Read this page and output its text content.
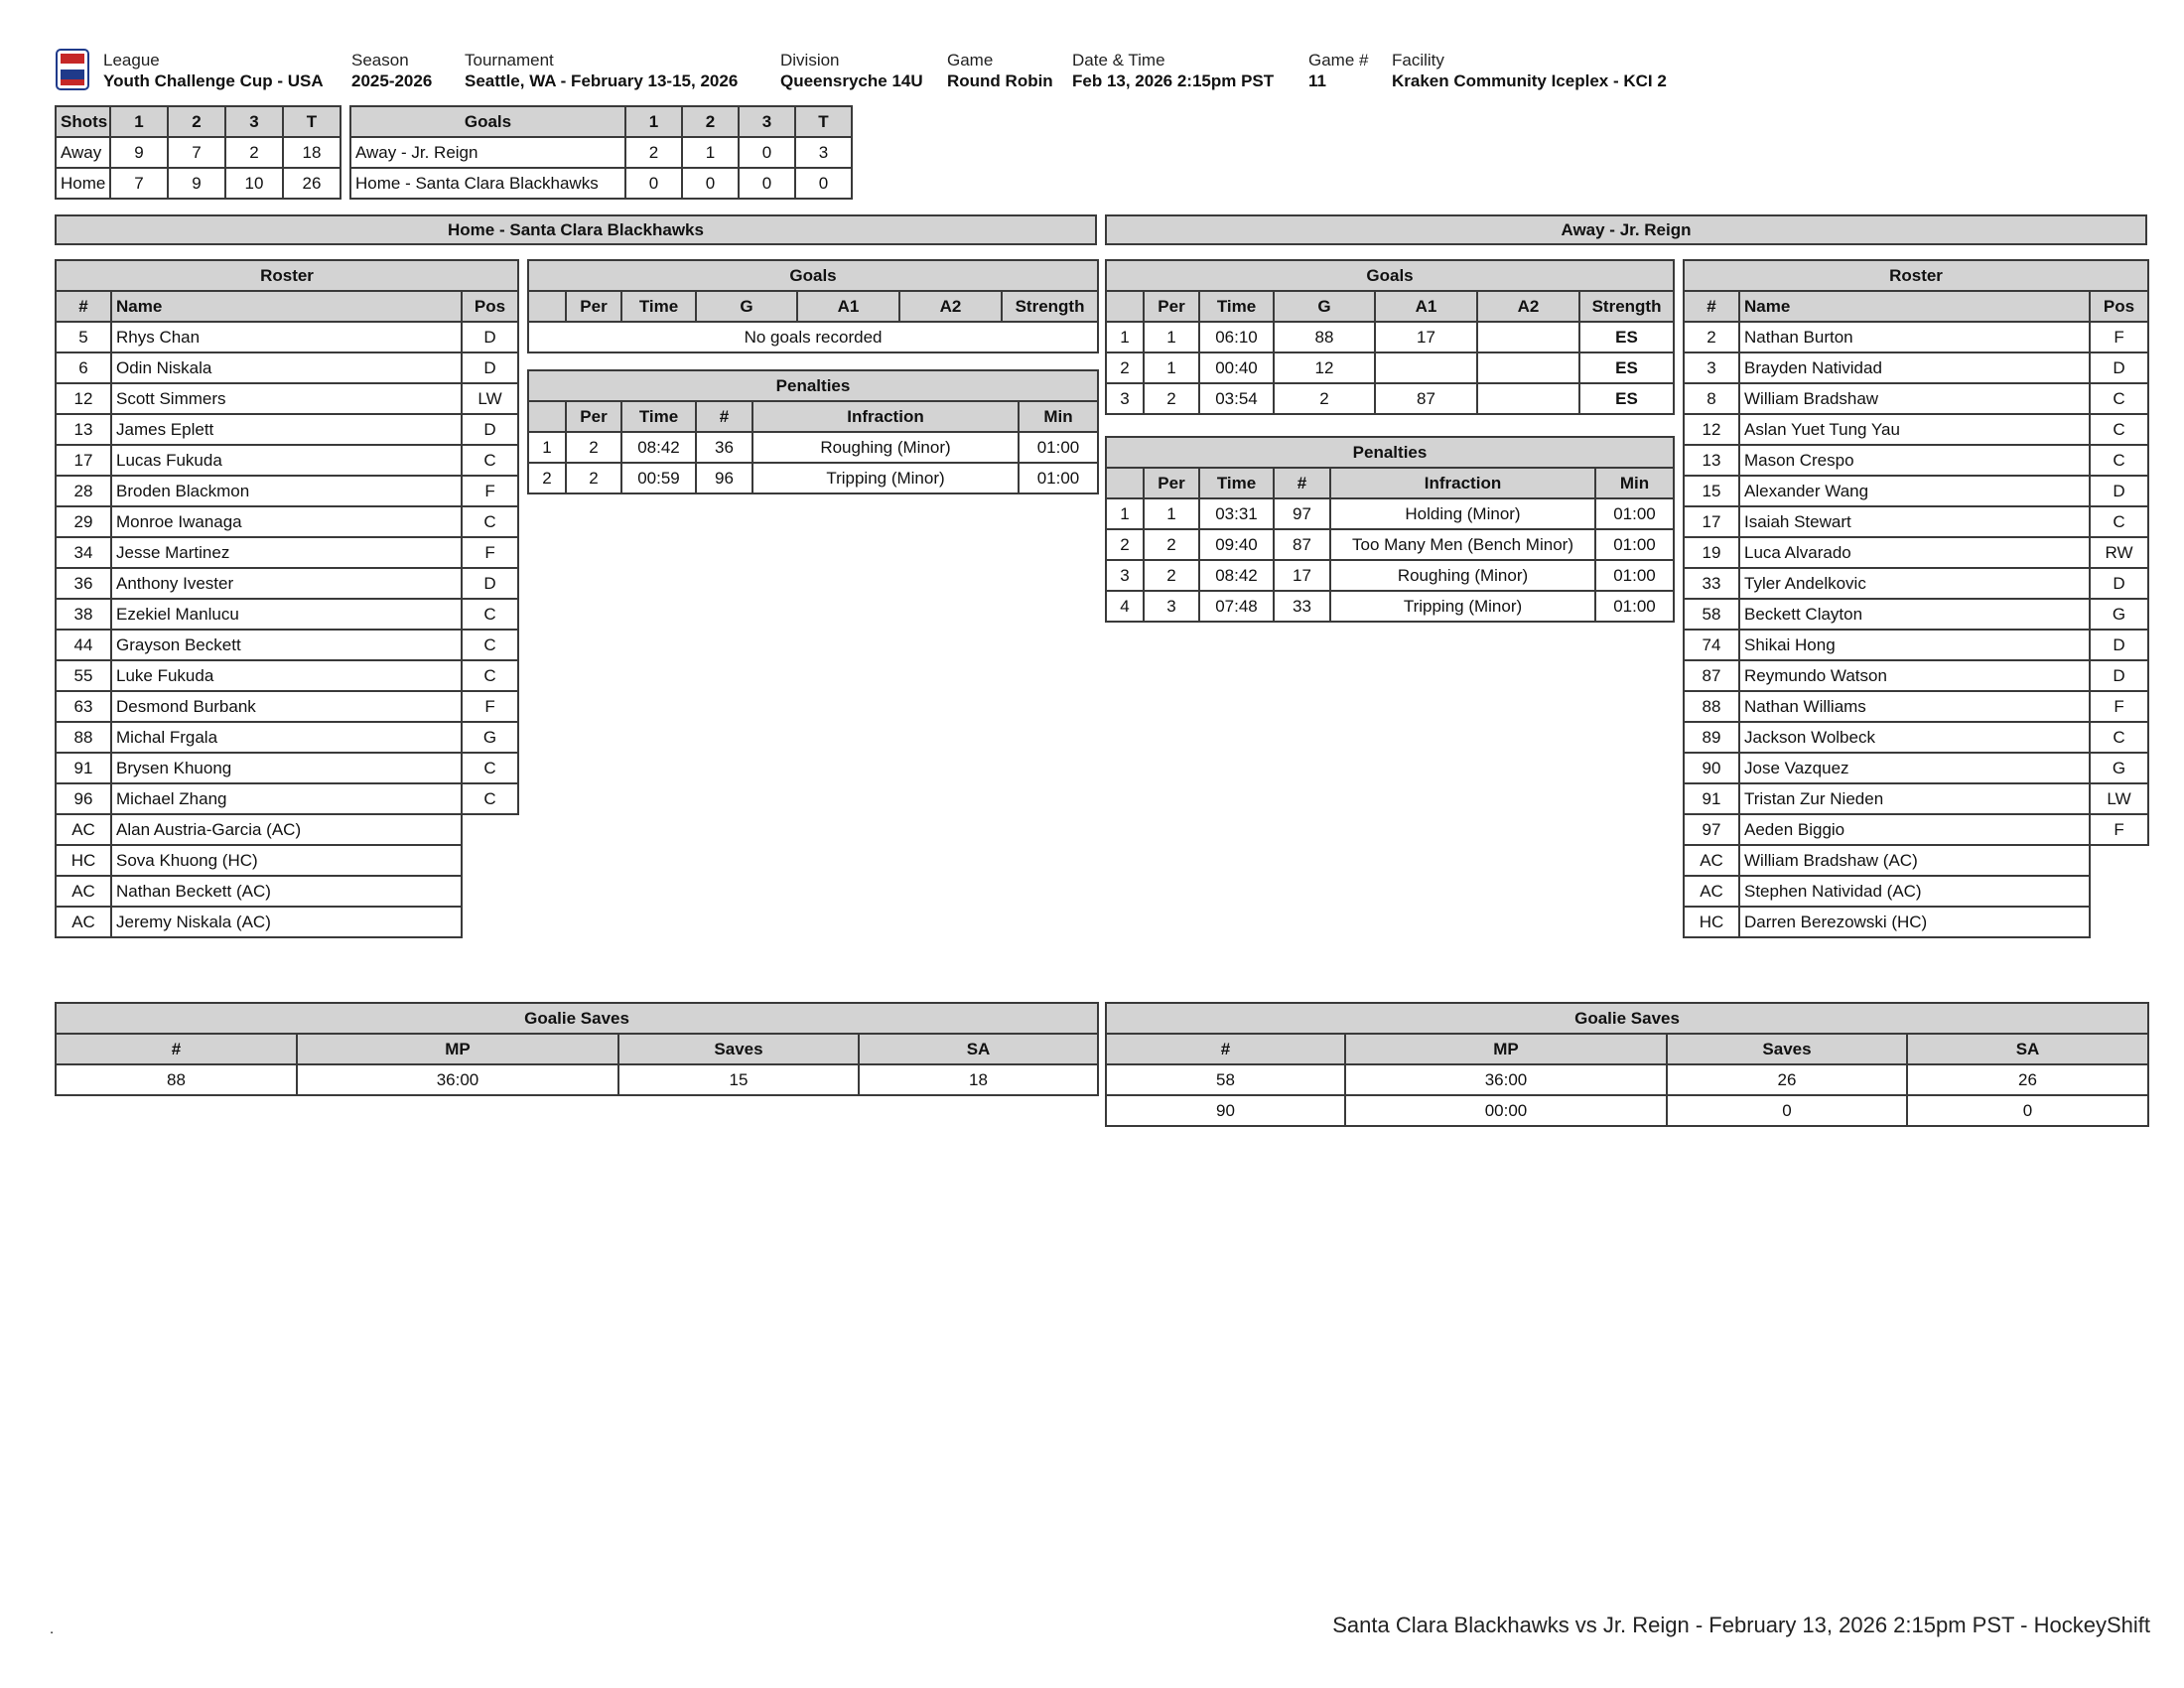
League
Youth Challenge Cup - USA
Season
2025-2026
Tournament
Seattle, WA - February 13-15, 2026
Division
Queensryche 14U
Game
Round Robin
Date & Time
Feb 13, 2026 2:15pm PST
Game #
11
Facility
Kraken Community Iceplex - KCI 2
Shots	1	2	3	T
Away	9	7	2	18
Home	7	9	10	26
Goals	1	2	3	T
Away - Jr. Reign	2	1	0	3
Home - Santa Clara Blackhawks	0	0	0	0
Home - Santa Clara Blackhawks	Away - Jr. Reign
Roster		
#	Name	Pos
5	Rhys Chan	D
6	Odin Niskala	D
12	Scott Simmers	LW
13	James Eplett	D
17	Lucas Fukuda	C
28	Broden Blackmon	F
29	Monroe Iwanaga	C
34	Jesse Martinez	F
36	Anthony Ivester	D
38	Ezekiel Manlucu	C
44	Grayson Beckett	C
55	Luke Fukuda	C
63	Desmond Burbank	F
88	Michal Frgala	G
91	Brysen Khuong	C
96	Michael Zhang	C
AC	Alan Austria-Garcia (AC)	
HC	Sova Khuong (HC)	
AC	Nathan Beckett (AC)	
AC	Jeremy Niskala (AC)	
Goals
	Per	Time	G	A1	A2	Strength
No goals recorded
Penalties					
	Per	Time	#	Infraction	Min
1	2	08:42	36	Roughing (Minor)	01:00
2	2	00:59	96	Tripping (Minor)	01:00
Goals						
	Per	Time	G	A1	A2	Strength
1	1	06:10	88	17		ES
2	1	00:40	12			ES
3	2	03:54	2	87		ES
Penalties					
	Per	Time	#	Infraction	Min
1	1	03:31	97	Holding (Minor)	01:00
2	2	09:40	87	Too Many Men (Bench Minor)	01:00
3	2	08:42	17	Roughing (Minor)	01:00
4	3	07:48	33	Tripping (Minor)	01:00
Roster		
#	Name	Pos
2	Nathan Burton	F
3	Brayden Natividad	D
8	William Bradshaw	C
12	Aslan Yuet Tung Yau	C
13	Mason Crespo	C
15	Alexander Wang	D
17	Isaiah Stewart	C
19	Luca Alvarado	RW
33	Tyler Andelkovic	D
58	Beckett Clayton	G
74	Shikai Hong	D
87	Reymundo Watson	D
88	Nathan Williams	F
89	Jackson Wolbeck	C
90	Jose Vazquez	G
91	Tristan Zur Nieden	LW
97	Aeden Biggio	F
AC	William Bradshaw (AC)	
AC	Stephen Natividad (AC)	
HC	Darren Berezowski (HC)	
Goalie Saves			
#	MP	Saves	SA
88	36:00	15	18
Goalie Saves			
#	MP	Saves	SA
58	36:00	26	26
90	00:00	0	0
.	Santa Clara Blackhawks vs Jr. Reign - February 13, 2026 2:15pm PST - HockeyShift
